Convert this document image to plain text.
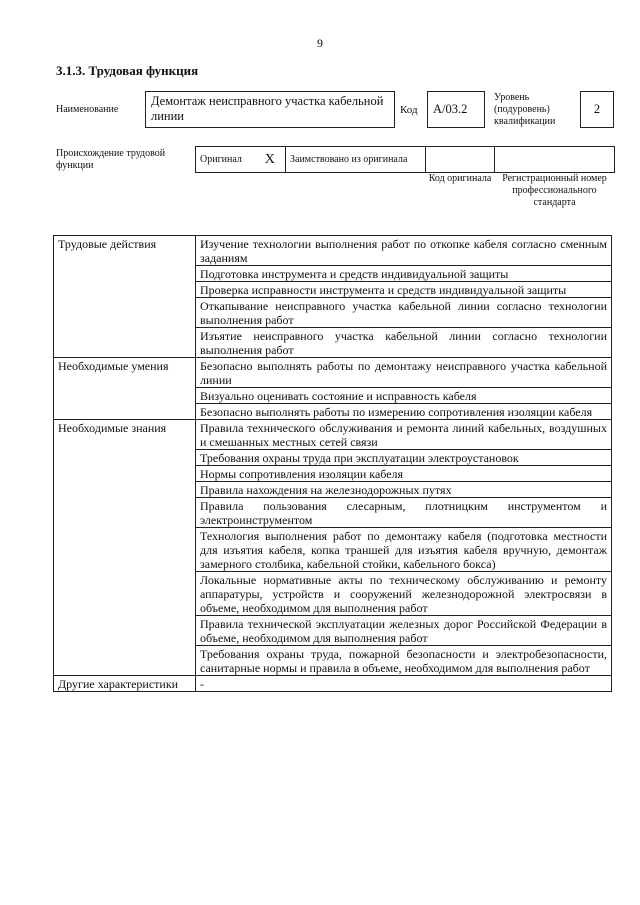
9
3.1.3. Трудовая функция
Наименование
Демонтаж неисправного участка кабельной линии	Код А/03.2
Уровень (подуровень) квалификации
2
Происхождение трудовой функции
Оригинал	X	Заимствовано из оригинала		
Код оригинала	Регистрационный номер профессионального стандарта
Трудовые действия	Изучение технологии выполнения работ по откопке кабеля согласно сменным заданиям
	Подготовка инструмента и средств индивидуальной защиты
	Проверка исправности инструмента и средств индивидуальной защиты
	Откапывание неисправного участка кабельной линии согласно технологии выполнения работ
	Изъятие неисправного участка кабельной линии согласно технологии выполнения работ
Необходимые умения	Безопасно выполнять работы по демонтажу неисправного участка кабельной линии
	Визуально оценивать состояние и исправность кабеля
	Безопасно выполнять работы по измерению сопротивления изоляции кабеля
Необходимые знания	Правила технического обслуживания и ремонта линий кабельных, воздушных и смешанных местных сетей связи
	Требования охраны труда при эксплуатации электроустановок
	Нормы сопротивления изоляции кабеля
	Правила нахождения на железнодорожных путях
	Правила пользования слесарным, плотницким инструментом и электроинструментом
	Технология выполнения работ по демонтажу кабеля (подготовка местности для изъятия кабеля, копка траншей для изъятия кабеля вручную, демонтаж замерного столбика, кабельной стойки, кабельного бокса)
	Локальные нормативные акты по техническому обслуживанию и ремонту аппаратуры, устройств и сооружений железнодорожной электросвязи в объеме, необходимом для выполнения работ
	Правила технической эксплуатации железных дорог Российской Федерации в объеме, необходимом для выполнения работ
	Требования охраны труда, пожарной безопасности и электробезопасности, санитарные нормы и правила в объеме, необходимом для выполнения работ
Другие характеристики	-
